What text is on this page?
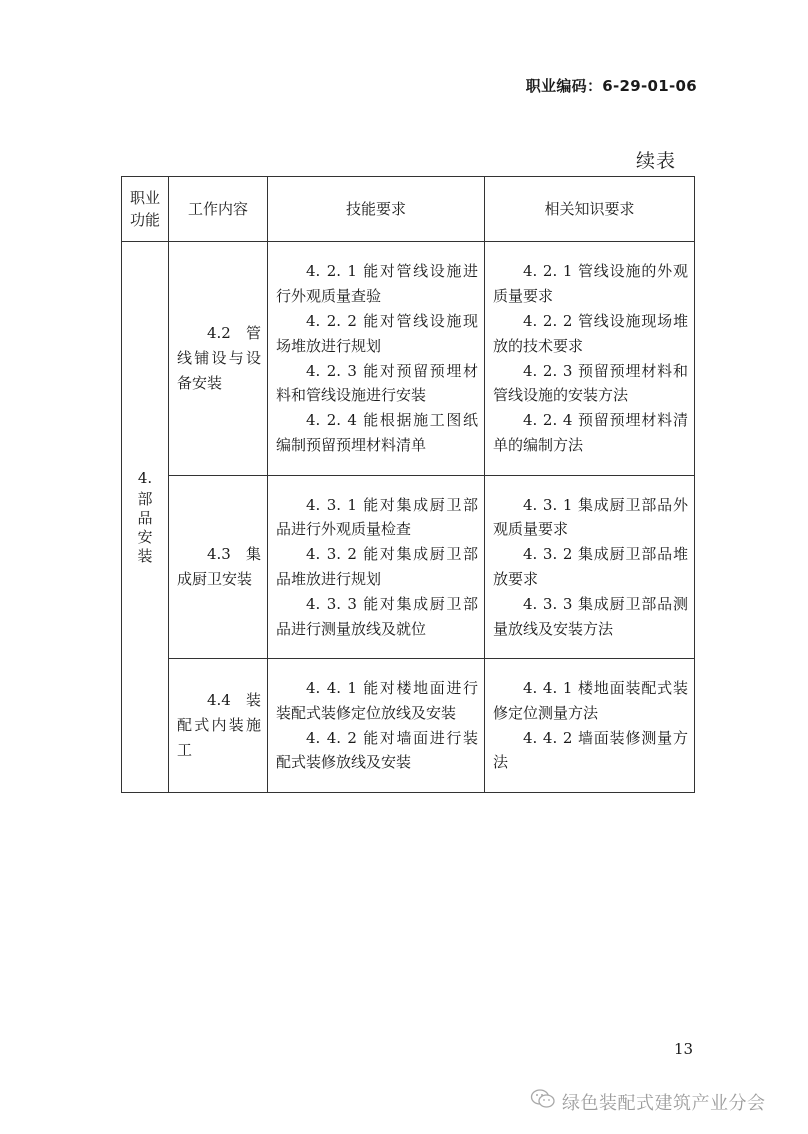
职业编码：6-29-01-06
续表
职业
功能	工作内容	技能要求	相关知识要求

4.
部
品
安
装	4.2 管线铺设与设备安装	4. 2. 1 能对管线设施进行外观质量查验
4. 2. 2 能对管线设施现场堆放进行规划
4. 2. 3 能对预留预埋材料和管线设施进行安装
4. 2. 4 能根据施工图纸编制预留预埋材料清单	4. 2. 1 管线设施的外观质量要求
4. 2. 2 管线设施现场堆放的技术要求
4. 2. 3 预留预埋材料和管线设施的安装方法
4. 2. 4 预留预埋材料清单的编制方法

	4.3 集成厨卫安装	4. 3. 1 能对集成厨卫部品进行外观质量检查
4. 3. 2 能对集成厨卫部品堆放进行规划
4. 3. 3 能对集成厨卫部品进行测量放线及就位	4. 3. 1 集成厨卫部品外观质量要求
4. 3. 2 集成厨卫部品堆放要求
4. 3. 3 集成厨卫部品测量放线及安装方法

	4.4 装配式内装施工	4. 4. 1 能对楼地面进行装配式装修定位放线及安装
4. 4. 2 能对墙面进行装配式装修放线及安装	4. 4. 1 楼地面装配式装修定位测量方法
4. 4. 2 墙面装修测量方法
13
绿色装配式建筑产业分会
